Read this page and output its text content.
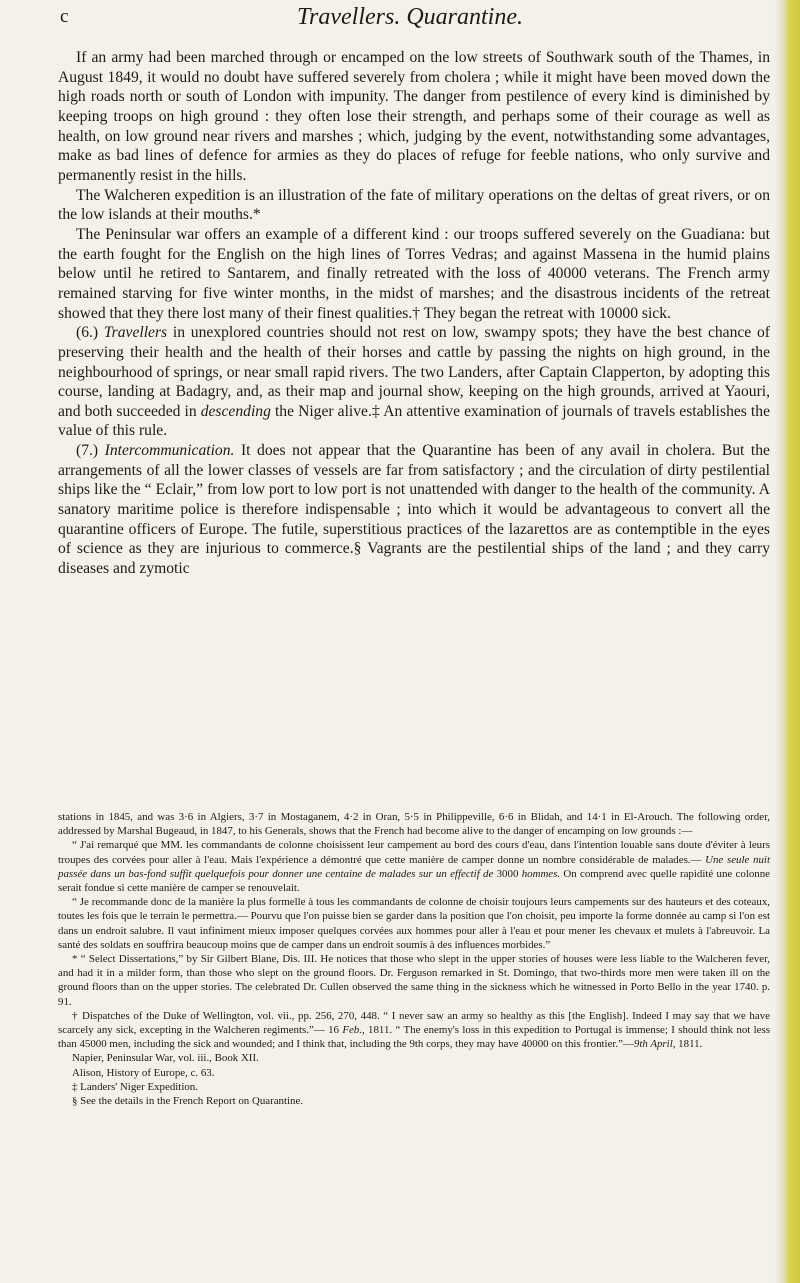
c	Travellers. Quarantine.

If an army had been marched through or encamped on the low streets of Southwark south of the Thames, in August 1849, it would no doubt have suffered severely from cholera ; while it might have been moved down the high roads north or south of London with impunity. The danger from pestilence of every kind is diminished by keeping troops on high ground : they often lose their strength, and perhaps some of their courage as well as health, on low ground near rivers and marshes ; which, judging by the event, notwithstanding some advantages, make as bad lines of defence for armies as they do places of refuge for feeble nations, who only survive and permanently resist in the hills.

The Walcheren expedition is an illustration of the fate of military operations on the deltas of great rivers, or on the low islands at their mouths.*

The Peninsular war offers an example of a different kind : our troops suffered severely on the Guadiana: but the earth fought for the English on the high lines of Torres Vedras; and against Massena in the humid plains below until he retired to Santarem, and finally retreated with the loss of 40000 veterans. The French army remained starving for five winter months, in the midst of marshes; and the disastrous incidents of the retreat showed that they there lost many of their finest qualities.† They began the retreat with 10000 sick.

(6.) Travellers in unexplored countries should not rest on low, swampy spots; they have the best chance of preserving their health and the health of their horses and cattle by passing the nights on high ground, in the neighbourhood of springs, or near small rapid rivers. The two Landers, after Captain Clapperton, by adopting this course, landing at Badagry, and, as their map and journal show, keeping on the high grounds, arrived at Yaouri, and both succeeded in descending the Niger alive.‡ An attentive examination of journals of travels establishes the value of this rule.

(7.) Intercommunication. It does not appear that the Quarantine has been of any avail in cholera. But the arrangements of all the lower classes of vessels are far from satisfactory ; and the circulation of dirty pestilential ships like the “ Eclair,” from low port to low port is not unattended with danger to the health of the community. A sanatory maritime police is therefore indispensable ; into which it would be advantageous to convert all the quarantine officers of Europe. The futile, superstitious practices of the lazarettos are as contemptible in the eyes of science as they are injurious to commerce.§ Vagrants are the pestilential ships of the land ; and they carry diseases and zymotic

stations in 1845, and was 3·6 in Algiers, 3·7 in Mostaganem, 4·2 in Oran, 5·5 in Philippeville, 6·6 in Blidah, and 14·1 in El-Arouch. The following order, addressed by Marshal Bugeaud, in 1847, to his Generals, shows that the French had become alive to the danger of encamping on low grounds :—

“ J'ai remarqué que MM. les commandants de colonne choisissent leur campement au bord des cours d'eau, dans l'intention louable sans doute d'éviter à leurs troupes des corvées pour aller à l'eau. Mais l'expérience a démontré que cette manière de camper donne un nombre considérable de malades.— Une seule nuit passée dans un bas-fond suffit quelquefois pour donner une centaine de malades sur un effectif de 3000 hommes. On comprend avec quelle rapidité une colonne serait fondue si cette manière de camper se renouvelait.

“ Je recommande donc de la manière la plus formelle à tous les commandants de colonne de choisir toujours leurs campements sur des hauteurs et des coteaux, toutes les fois que le terrain le permettra.— Pourvu que l'on puisse bien se garder dans la position que l'on choisit, peu importe la forme donnée au camp si l'on est dans un endroit salubre. Il vaut infiniment mieux imposer quelques corvées aux hommes pour aller à l'eau et pour mener les chevaux et mulets à l'abreuvoir. La santé des soldats en souffrira beaucoup moins que de camper dans un endroit soumis à des influences morbides.”

* “ Select Dissertations,” by Sir Gilbert Blane, Dis. III. He notices that those who slept in the upper stories of houses were less liable to the Walcheren fever, and had it in a milder form, than those who slept on the ground floors. Dr. Ferguson remarked in St. Domingo, that two-thirds more men were taken ill on the ground floors than on the upper stories. The celebrated Dr. Cullen observed the same thing in the sickness which he witnessed in Porto Bello in the year 1740. p. 91.

† Dispatches of the Duke of Wellington, vol. vii., pp. 256, 270, 448. “ I never saw an army so healthy as this [the English]. Indeed I may say that we have scarcely any sick, excepting in the Walcheren regiments.”— 16 Feb., 1811. “ The enemy's loss in this expedition to Portugal is immense; I should think not less than 45000 men, including the sick and wounded; and I think that, including the 9th corps, they may have 40000 on this frontier.”—9th April, 1811.

Napier, Peninsular War, vol. iii., Book XII.

Alison, History of Europe, c. 63.

‡ Landers' Niger Expedition.

§ See the details in the French Report on Quarantine.
